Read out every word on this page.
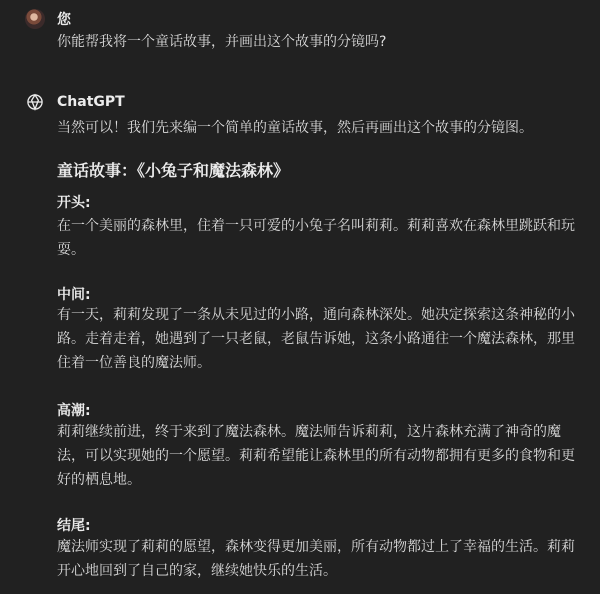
您
你能帮我将一个童话故事，并画出这个故事的分镜吗?
ChatGPT
当然可以！我们先来编一个简单的童话故事，然后再画出这个故事的分镜图。
童话故事：《小兔子和魔法森林》
开头:
在一个美丽的森林里，住着一只可爱的小兔子名叫莉莉。莉莉喜欢在森林里跳跃和玩耍。
中间:
有一天，莉莉发现了一条从未见过的小路，通向森林深处。她决定探索这条神秘的小路。走着走着，她遇到了一只老鼠，老鼠告诉她，这条小路通往一个魔法森林，那里住着一位善良的魔法师。
高潮:
莉莉继续前进，终于来到了魔法森林。魔法师告诉莉莉，这片森林充满了神奇的魔法，可以实现她的一个愿望。莉莉希望能让森林里的所有动物都拥有更多的食物和更好的栖息地。
结尾:
魔法师实现了莉莉的愿望，森林变得更加美丽，所有动物都过上了幸福的生活。莉莉开心地回到了自己的家，继续她快乐的生活。
